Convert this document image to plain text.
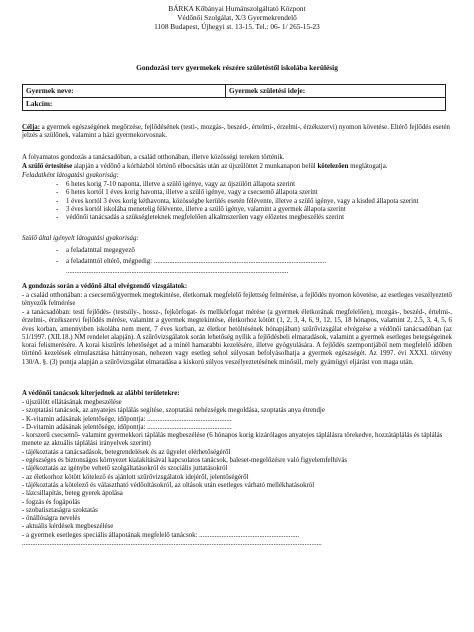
BÁRKA Kőbányai Humánszolgáltató Központ
Védőnői Szolgálat, X/3 Gyermekrendelő
1108 Budapest, Újhegyi st. 13-15. Tel.: 06- 1/ 265-15-23
Gondozási terv gyermekek részére születéstől iskolába kerülésig
Gyermek neve:	Gyermek születési ideje:
Lakcím:
Célja: a gyermek egészségének megőrzése, fejlődésének (testi-, mozgás-, beszéd-, értelmi-, érzelmi-, érzékszervi) nyomon követése. Eltérő fejlődés esetén jelzés a szülőnek, valamint a házi gyermekorvosnak.
A folyamatos gondozás a tanácsadóban, a család otthonában, illetve közösségi tereken történik.
A szülő értesítése alapján a védőnő a kórházból történő elbocsátás után az újszülöttet 2 munkanapon belül kötelezően meglátogatja.
Feladatként látogatási gyakoriság:
- 6 hetes korig 7-10 naponta, illetve a szülő igénye, vagy az újszülött állapota szerint
- 6 hetes kortól 1 éves korig havonta, illetve a szülő igénye, vagy a csecsemő állapota szerint
- 1 éves kortól 3 éves korig kéthavonta, közösségbe kerülés esetén félévente, illetve a szülő igénye, vagy a kisded állapota szerint
- 3 éves kortól iskolába menetelig félévente, illetve a szülő igénye, valamint a gyermek állapota szerint
- védőnői tanácsadás a szükségleteknek megfelelően alkalmszerűen vagy előzetes megbeszélés szerint
Szülő által igényelt látogatási gyakoriság:
- a feladatnttal megegyező
- a feladatnttól eltérő, mégpedig: ....................................................................................................
.................................................................................................................................
A gondozás során a védőnő által elvégzendő vizsgálatok:
- a család otthonában: a csecsemő/gyermek megtekintése, életkornak megfelelő fejlettség felmérése, a fejlődés nyomon követése, az esetleges veszélyeztető tényezők felmérése
- a tanácsadóban: testi fejlődés- (testsúly-, hossz-, fejkörfogat- és mellkörfogat mérése (a gyermek életkorának megfelelően), mozgás-, beszéd-, értelmi-, érzelmi-, érzékszervi fejlődés mérése, valamint a gyermek megtekintése, életkorhoz kötött (1, 2, 3, 4, 6, 9, 12, 15, 18 hónapos, valamint 2, 2.5, 3, 4, 5, 6 éves korban, amennyiben iskolába nem ment, 7 éves korban, az életkor betöltésének hónapjában) szűrővizsgálat elvégzése a védőnői tanácsadóban (az 51/1997. (XII.18.) NM rendelet alapján). A szűrővizsgálatok során lehetőség nyílik a fejlődésbeli elmaradások, valamint a gyermek esetleges betegségeinek korai felismerésére. A korai kiszűrés lehetőséget ad a minél hamarabbi kezelésére, illetve gyógyulására. A fejlődés szempontjából nem megfelelő időben történő kezelések elmulasztása hátrányosan, nehezen vagy esetleg sehol súlyosan befolyásolhatja a gyermek egészségét. Az 1997. évi XXXI. törvény 130/A. §. (3) pontja alapján a szűrővizsgálat elmaradása a kiskorú súlyos veszélyeztetésének minősül, mely gyámügyi eljárást von maga után.
A védőnői tanácsok kiterjednek az alábbi területekre:
- újszülött ellátásának megbeszélése
- szoptatási tanácsok, az anyatejes táplálás segítése, szoptatási nehézségek megoldása, szoptatás anya étrendje
- K-vitamin adásának jelentősége, időpontja: .................................................
- D-vitamin adásának jelentősége, időpontja: .................................................
- korszerű csecsemő- valamint gyermekkori táplálás megbeszélése (6 hónapos korig kizárólagos anyatejes táplálásra törekedve, hozzátáplálás és táplálás menete az aktuális táplálási irányelvek szerint)
- tájékoztatás a tanácsadások, betegrendelések és az ügyelet elérhetőségéről
- egészséges és biztonságos környezet kialakításával kapcsolatos tanácsok, baleset-megelőzésre való figyelemfelhívás
- tájékoztatás az igénybe vehető szolgáltatásokról és szociális juttatásokról
- az életkorhoz kötött kötelező és ajánlott szűrővizsgálatok idejéről, jelentőségéről
- tájékoztatás a kötelező és választható védőoltásokról, az oltások után esetleges várható mellékhatásokról
- lázcsillapítás, beteg gyerek ápolása
- fogzás és fogápolás
- szobatisztaságra szoktatás
- önállóságra nevelés
- aktuális kérdések megbeszélése
- a gyermek esetleges speciális állapotának megfelelő tanácsok: ..........................................................
..............................................................................................................................................................................
